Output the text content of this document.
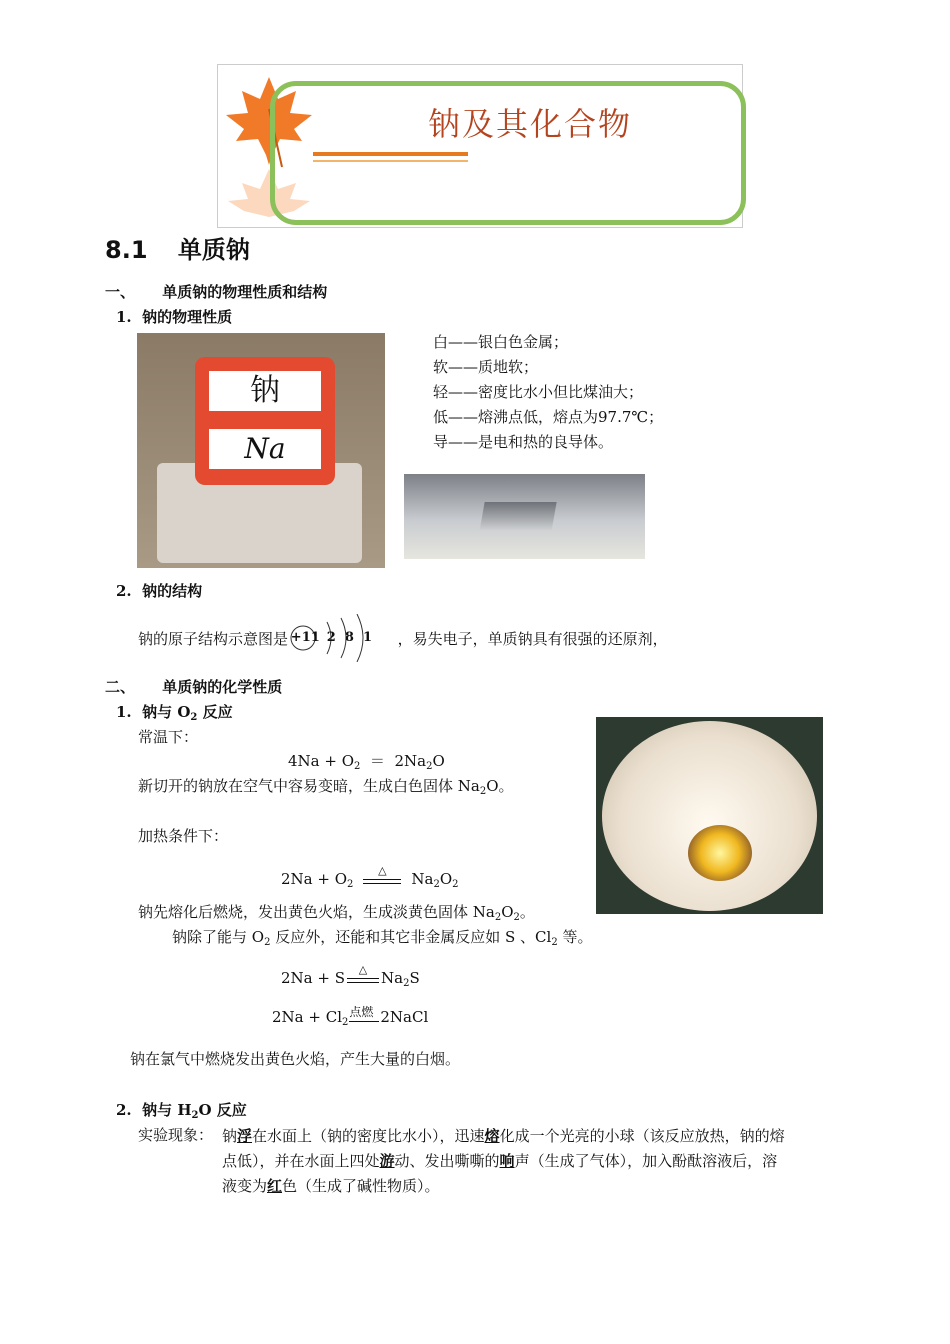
钠及其化合物
8.1 单质钠
一、 单质钠的物理性质和结构
1.  钠的物理性质
钠
Na
白——银白色金属；
软——质地软；
轻——密度比水小但比煤油大；
低——熔沸点低，熔点为97.7℃；
导——是电和热的良导体。
2.  钠的结构
钠的原子结构示意图是 +11 2  8  1 ，易失电子，单质钠具有很强的还原剂，
二、 单质钠的化学性质
1.  钠与 $O_2$ 反应
常温下：
$4Na + O_2 = 2Na_2O$
新切开的钠放在空气中容易变暗，生成白色固体 $Na_2O$。
加热条件下：
$2Na + O_2$
△	$Na_2O_2$
钠先熔化后燃烧，发出黄色火焰，生成淡黄色固体 $Na_2O_2$。
钠除了能与 $O_2$ 反应外，还能和其它非金属反应如 S 、$Cl_2$ 等。
2Na + S	△ $Na_2S$
$2Na + Cl_2$
点燃 2NaCl
钠在氯气中燃烧发出黄色火焰，产生大量的白烟。
2.  钠与 $H_2O$ 反应
实验现象： 钠浮在水面上（钠的密度比水小），迅速熔化成一个光亮的小球（该反应放热，钠的熔
点低），并在水面上四处游动、发出嘶嘶的响声（生成了气体），加入酚酞溶液后，溶
液变为红色（生成了碱性物质）。
